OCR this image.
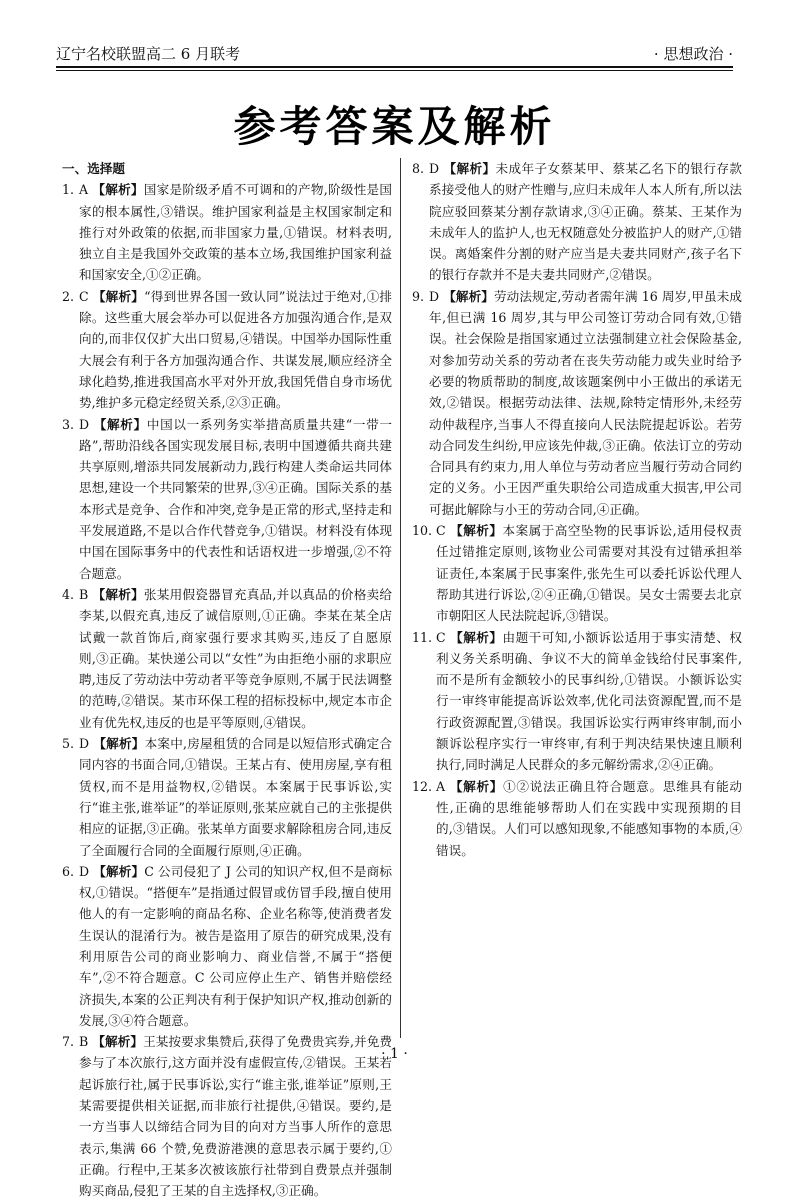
辽宁名校联盟高二 6 月联考	· 思想政治 ·
参考答案及解析
一、选择题
1. A 【解析】国家是阶级矛盾不可调和的产物,阶级性是国家的根本属性,③错误。维护国家利益是主权国家制定和推行对外政策的依据,而非国家力量,①错误。材料表明,独立自主是我国外交政策的基本立场,我国维护国家利益和国家安全,①②正确。
2. C 【解析】“得到世界各国一致认同”说法过于绝对,①排除。这些重大展会举办可以促进各方加强沟通合作,是双向的,而非仅仅扩大出口贸易,④错误。中国举办国际性重大展会有利于各方加强沟通合作、共谋发展,顺应经济全球化趋势,推进我国高水平对外开放,我国凭借自身市场优势,维护多元稳定经贸关系,②③正确。
3. D 【解析】中国以一系列务实举措高质量共建“一带一路”,帮助沿线各国实现发展目标,表明中国遵循共商共建共享原则,增添共同发展新动力,践行构建人类命运共同体思想,建设一个共同繁荣的世界,③④正确。国际关系的基本形式是竞争、合作和冲突,竞争是正常的形式,坚持走和平发展道路,不是以合作代替竞争,①错误。材料没有体现中国在国际事务中的代表性和话语权进一步增强,②不符合题意。
4. B 【解析】张某用假瓷器冒充真品,并以真品的价格卖给李某,以假充真,违反了诚信原则,①正确。李某在某全店试戴一款首饰后,商家强行要求其购买,违反了自愿原则,③正确。某快递公司以“女性”为由拒绝小丽的求职应聘,违反了劳动法中劳动者平等竞争原则,不属于民法调整的范畴,②错误。某市环保工程的招标投标中,规定本市企业有优先权,违反的也是平等原则,④错误。
5. D 【解析】本案中,房屋租赁的合同是以短信形式确定合同内容的书面合同,①错误。王某占有、使用房屋,享有租赁权,而不是用益物权,②错误。本案属于民事诉讼,实行“谁主张,谁举证”的举证原则,张某应就自己的主张提供相应的证据,③正确。张某单方面要求解除租房合同,违反了全面履行合同的全面履行原则,④正确。
6. D 【解析】C 公司侵犯了 J 公司的知识产权,但不是商标权,①错误。“搭便车”是指通过假冒或仿冒手段,擅自使用他人的有一定影响的商品名称、企业名称等,使消费者发生误认的混淆行为。被告是盗用了原告的研究成果,没有利用原告公司的商业影响力、商业信誉,不属于“搭便车”,②不符合题意。C 公司应停止生产、销售并赔偿经济损失,本案的公正判决有利于保护知识产权,推动创新的发展,③④符合题意。
7. B 【解析】王某按要求集赞后,获得了免费贵宾券,并免费参与了本次旅行,这方面并没有虚假宣传,②错误。王某若起诉旅行社,属于民事诉讼,实行“谁主张,谁举证”原则,王某需要提供相关证据,而非旅行社提供,④错误。要约,是一方当事人以缔结合同为目的向对方当事人所作的意思表示,集满 66 个赞,免费游港澳的意思表示属于要约,①正确。行程中,王某多次被该旅行社带到自费景点并强制购买商品,侵犯了王某的自主选择权,③正确。
8. D 【解析】未成年子女蔡某甲、蔡某乙名下的银行存款系接受他人的财产性赠与,应归未成年人本人所有,所以法院应驳回蔡某分割存款请求,③④正确。蔡某、王某作为未成年人的监护人,也无权随意处分被监护人的财产,①错误。离婚案件分割的财产应当是夫妻共同财产,孩子名下的银行存款并不是夫妻共同财产,②错误。
9. D 【解析】劳动法规定,劳动者需年满 16 周岁,甲虽未成年,但已满 16 周岁,其与甲公司签订劳动合同有效,①错误。社会保险是指国家通过立法强制建立社会保险基金,对参加劳动关系的劳动者在丧失劳动能力或失业时给予必要的物质帮助的制度,故该题案例中小王做出的承诺无效,②错误。根据劳动法律、法规,除特定情形外,未经劳动仲裁程序,当事人不得直接向人民法院提起诉讼。若劳动合同发生纠纷,甲应该先仲裁,③正确。依法订立的劳动合同具有约束力,用人单位与劳动者应当履行劳动合同约定的义务。小王因严重失职给公司造成重大损害,甲公司可据此解除与小王的劳动合同,④正确。
10. C 【解析】本案属于高空坠物的民事诉讼,适用侵权责任过错推定原则,该物业公司需要对其没有过错承担举证责任,本案属于民事案件,张先生可以委托诉讼代理人帮助其进行诉讼,②④正确,①错误。吴女士需要去北京市朝阳区人民法院起诉,③错误。
11. C 【解析】由题干可知,小额诉讼适用于事实清楚、权利义务关系明确、争议不大的简单金钱给付民事案件,而不是所有金额较小的民事纠纷,①错误。小额诉讼实行一审终审能提高诉讼效率,优化司法资源配置,而不是行政资源配置,③错误。我国诉讼实行两审终审制,而小额诉讼程序实行一审终审,有利于判决结果快速且顺利执行,同时满足人民群众的多元解纷需求,②④正确。
12. A 【解析】①②说法正确且符合题意。思维具有能动性,正确的思维能够帮助人们在实践中实现预期的目的,③错误。人们可以感知现象,不能感知事物的本质,④错误。
· 1 ·
